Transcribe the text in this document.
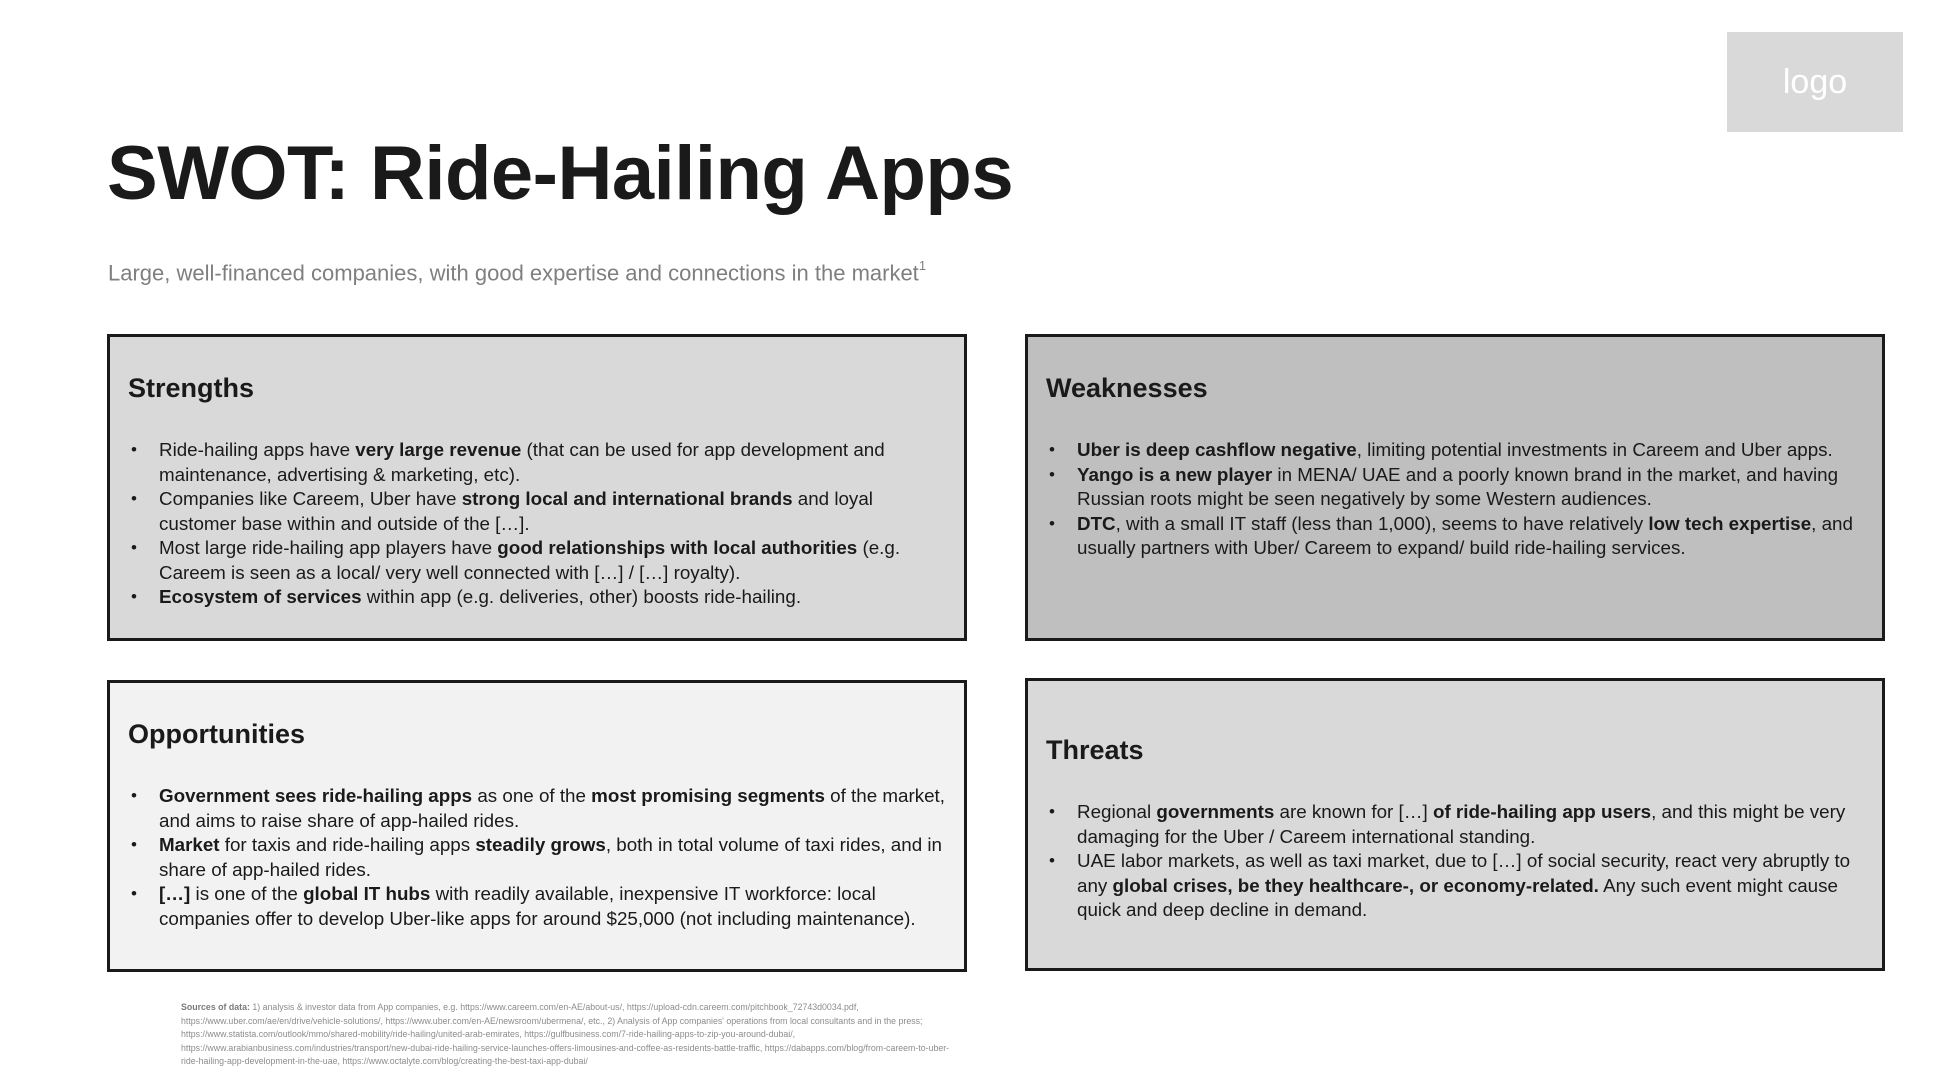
logo
SWOT: Ride-Hailing Apps

Large, well-financed companies, with good expertise and connections in the market$^1$

Strengths
• Ride-hailing apps have very large revenue (that can be used for app development and maintenance, advertising & marketing, etc).
• Companies like Careem, Uber have strong local and international brands and loyal customer base within and outside of the […].
• Most large ride-hailing app players have good relationships with local authorities (e.g. Careem is seen as a local/ very well connected with […] / […] royalty).
• Ecosystem of services within app (e.g. deliveries, other) boosts ride-hailing.
Weaknesses
• Uber is deep cashflow negative, limiting potential investments in Careem and Uber apps.
• Yango is a new player in MENA/ UAE and a poorly known brand in the market, and having Russian roots might be seen negatively by some Western audiences.
• DTC, with a small IT staff (less than 1,000), seems to have relatively low tech expertise, and usually partners with Uber/ Careem to expand/ build ride-hailing services.
Opportunities
• Government sees ride-hailing apps as one of the most promising segments of the market, and aims to raise share of app-hailed rides.
• Market for taxis and ride-hailing apps steadily grows, both in total volume of taxi rides, and in share of app-hailed rides.
• […] is one of the global IT hubs with readily available, inexpensive IT workforce: local companies offer to develop Uber-like apps for around $25,000 (not including maintenance).
Threats
• Regional governments are known for […] of ride-hailing app users, and this might be very damaging for the Uber / Careem international standing.
• UAE labor markets, as well as taxi market, due to […] of social security, react very abruptly to any global crises, be they healthcare-, or economy-related. Any such event might cause quick and deep decline in demand.

Sources of data: 1) analysis & investor data from App companies, e.g. https://www.careem.com/en-AE/about-us/, https://upload-cdn.careem.com/pitchbook_72743d0034.pdf, https://www.uber.com/ae/en/drive/vehicle-solutions/, https://www.uber.com/en-AE/newsroom/ubermena/, etc., 2) Analysis of App companies' operations from local consultants and in the press; https://www.statista.com/outlook/mmo/shared-mobility/ride-hailing/united-arab-emirates, https://gulfbusiness.com/7-ride-hailing-apps-to-zip-you-around-dubai/, https://www.arabianbusiness.com/industries/transport/new-dubai-ride-hailing-service-launches-offers-limousines-and-coffee-as-residents-battle-traffic, https://dabapps.com/blog/from-careem-to-uber-ride-hailing-app-development-in-the-uae, https://www.octalyte.com/blog/creating-the-best-taxi-app-dubai/
